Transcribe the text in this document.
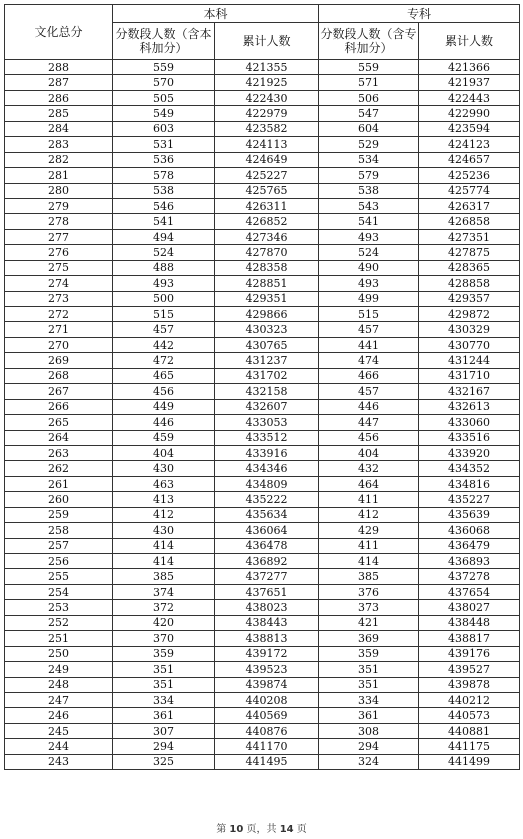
文化总分	本科		专科	
	分数段人数（含本科加分）	累计人数	分数段人数（含专科加分）	累计人数
288	559	421355	559	421366
287	570	421925	571	421937
286	505	422430	506	422443
285	549	422979	547	422990
284	603	423582	604	423594
283	531	424113	529	424123
282	536	424649	534	424657
281	578	425227	579	425236
280	538	425765	538	425774
279	546	426311	543	426317
278	541	426852	541	426858
277	494	427346	493	427351
276	524	427870	524	427875
275	488	428358	490	428365
274	493	428851	493	428858
273	500	429351	499	429357
272	515	429866	515	429872
271	457	430323	457	430329
270	442	430765	441	430770
269	472	431237	474	431244
268	465	431702	466	431710
267	456	432158	457	432167
266	449	432607	446	432613
265	446	433053	447	433060
264	459	433512	456	433516
263	404	433916	404	433920
262	430	434346	432	434352
261	463	434809	464	434816
260	413	435222	411	435227
259	412	435634	412	435639
258	430	436064	429	436068
257	414	436478	411	436479
256	414	436892	414	436893
255	385	437277	385	437278
254	374	437651	376	437654
253	372	438023	373	438027
252	420	438443	421	438448
251	370	438813	369	438817
250	359	439172	359	439176
249	351	439523	351	439527
248	351	439874	351	439878
247	334	440208	334	440212
246	361	440569	361	440573
245	307	440876	308	440881
244	294	441170	294	441175
243	325	441495	324	441499
第 10 页，共 14 页
